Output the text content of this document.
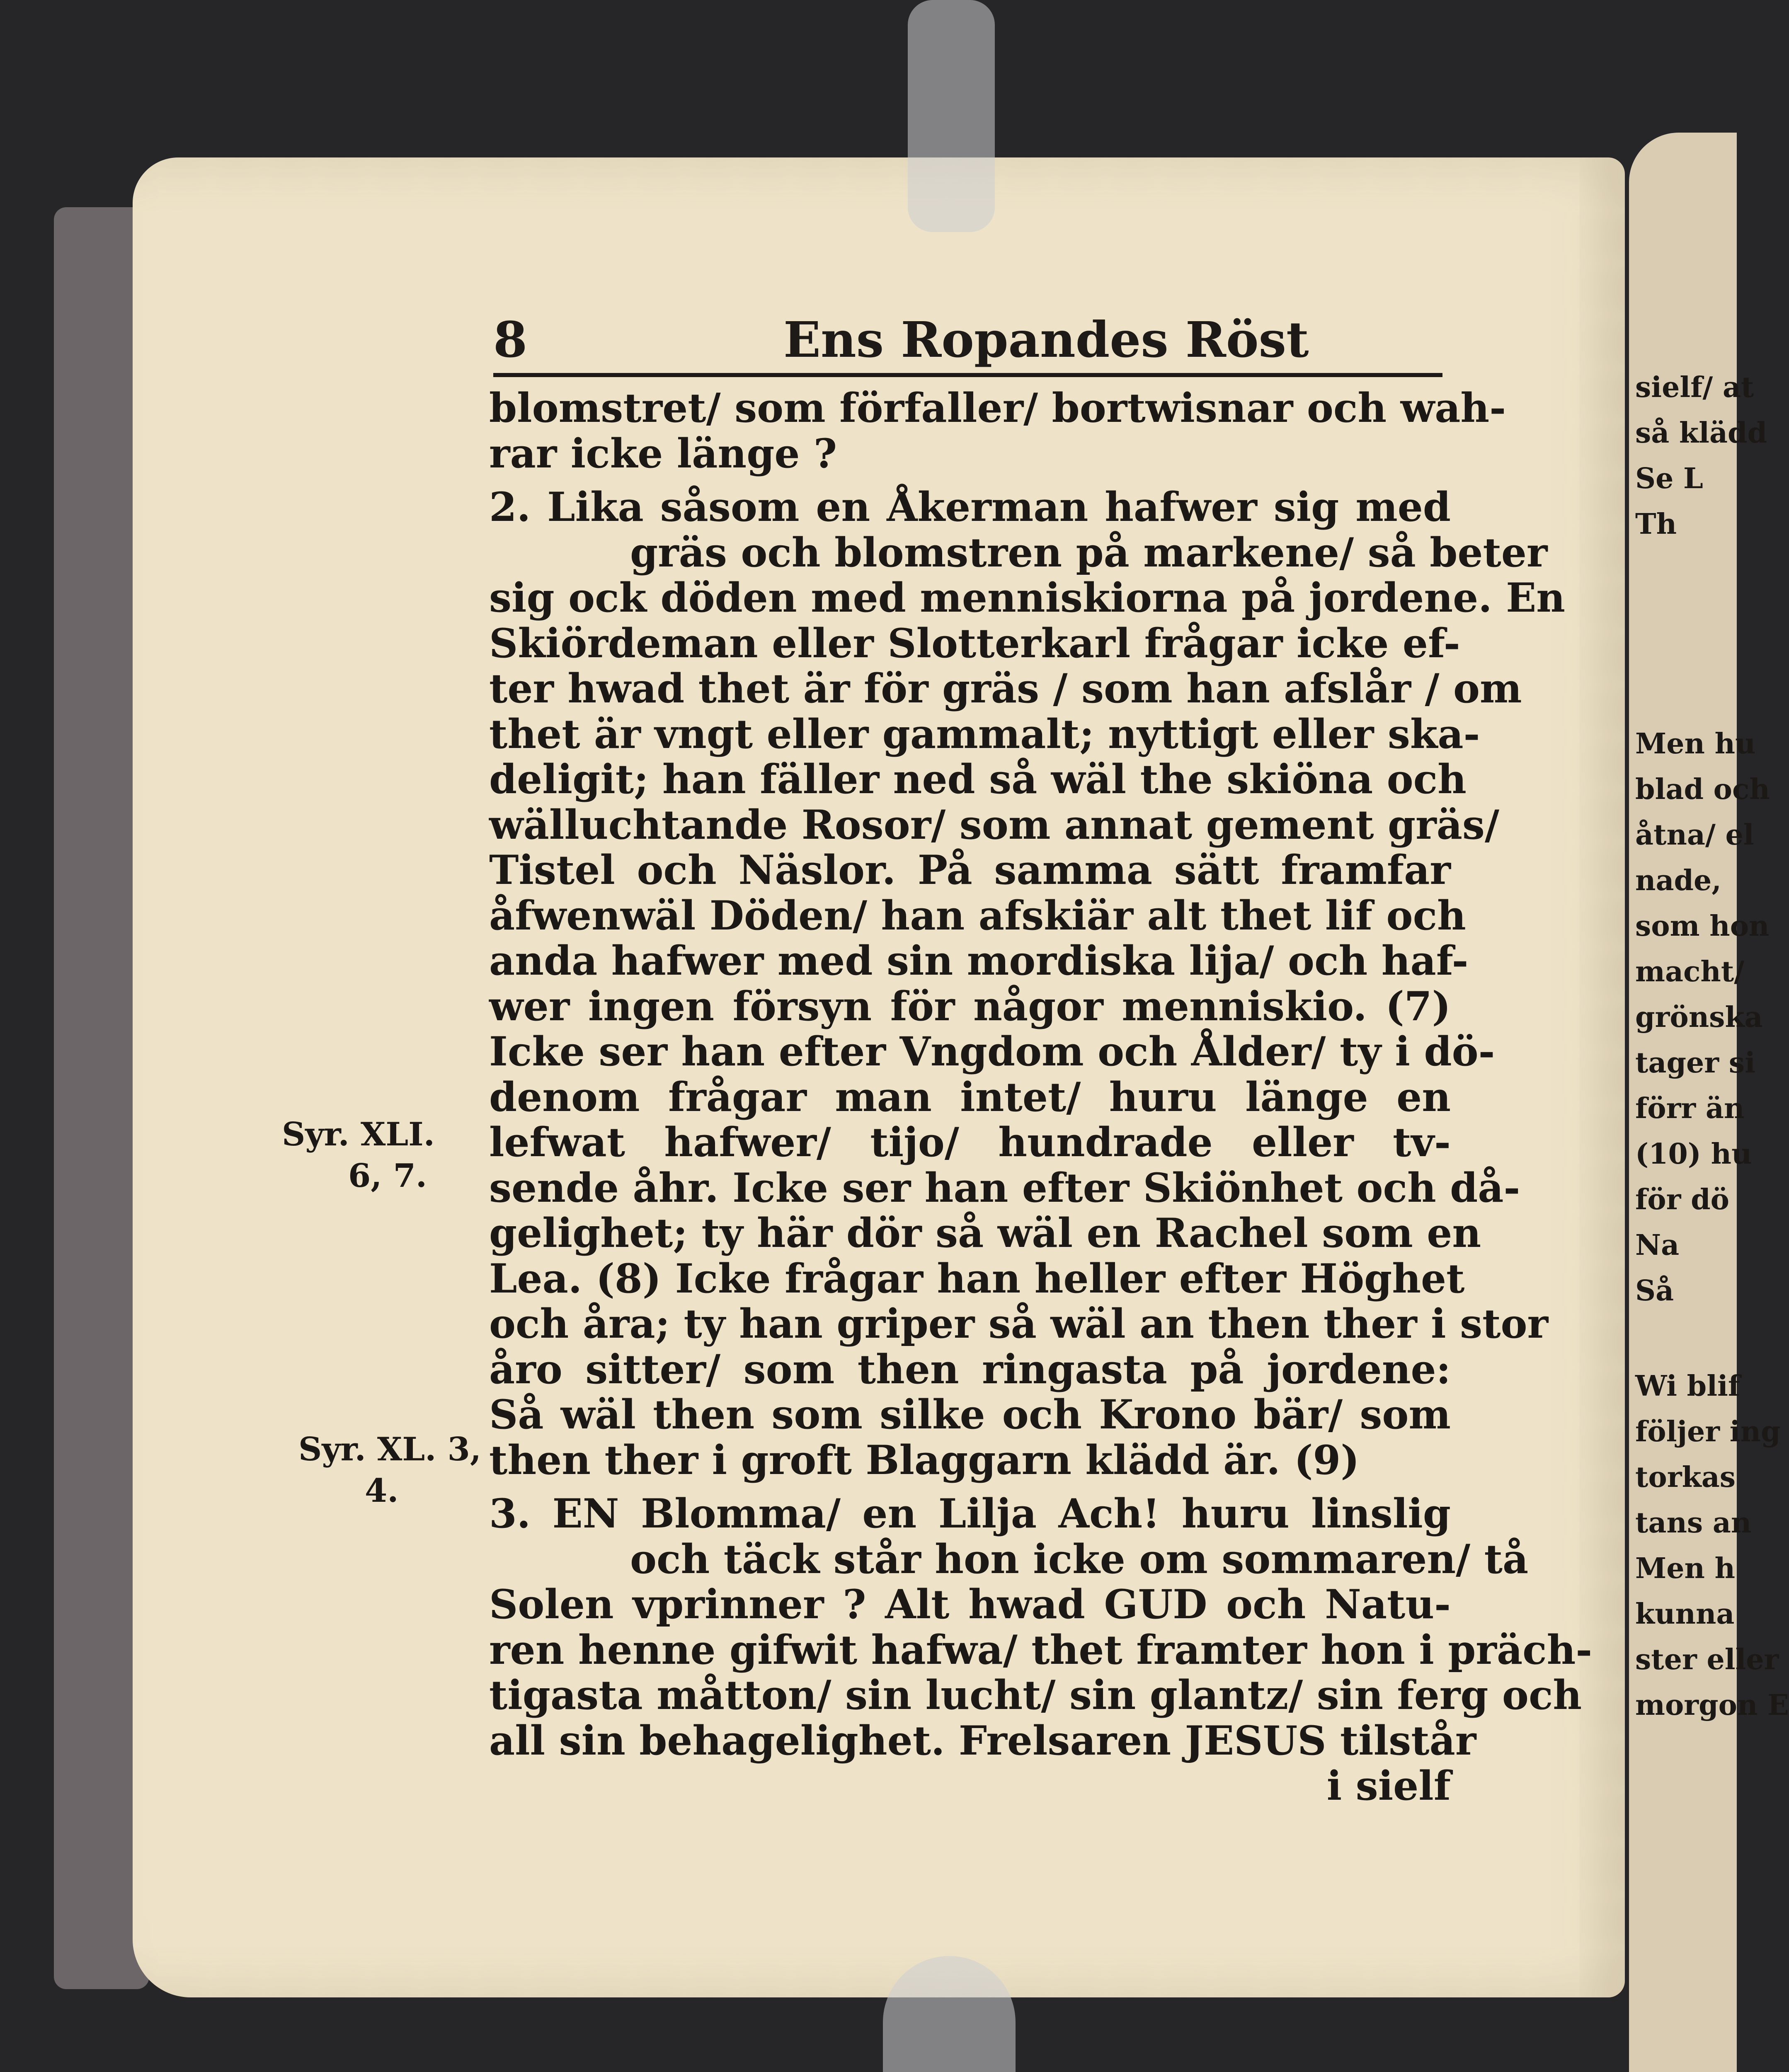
8	Ens Ropandes Röst
blomstret/ som förfaller/ bortwisnar och wah-
rar icke länge ?
2. Lika såsom en Åkerman hafwer sig med
gräs och blomstren på markene/ så beter
sig ock döden med menniskiorna på jordene. En
Skiördeman eller Slotterkarl frågar icke ef-
ter hwad thet är för gräs / som han afslår / om
thet är vngt eller gammalt; nyttigt eller ska-
deligit; han fäller ned så wäl the skiöna och
wälluchtande Rosor/ som annat gement gräs/
Tistel och Näslor. På samma sätt framfar
åfwenwäl Döden/ han afskiär alt thet lif och
anda hafwer med sin mordiska lija/ och haf-
wer ingen försyn för någor menniskio. (7)
Icke ser han efter Vngdom och Ålder/ ty i dö-
denom frågar man intet/ huru länge en
lefwat hafwer/ tijo/ hundrade eller tv-
sende åhr. Icke ser han efter Skiönhet och då-
gelighet; ty här dör så wäl en Rachel som en
Lea. (8) Icke frågar han heller efter Höghet
och åra; ty han griper så wäl an then ther i stor
åro sitter/ som then ringasta på jordene:
Så wäl then som silke och Krono bär/ som
then ther i groft Blaggarn klädd är. (9)
3. EN Blomma/ en Lilja Ach! huru linslig
och täck står hon icke om sommaren/ tå
Solen vprinner ? Alt hwad GUD och Natu-
ren henne gifwit hafwa/ thet framter hon i präch-
tigasta måtton/ sin lucht/ sin glantz/ sin ferg och
all sin behagelighet. Frelsaren JESUS tilstår
i sielf
Syr. XLI.
6, 7.
Syr. XL. 3,
4.
sielf/ at
så klädd
Se L
Th
Men hu
blad och
åtna/ el
nade,
som hon
macht/
grönska
tager si
förr än
(10) hu
för dö
Na
Så
Wi blif
följer ing
torkas
tans an
Men h
kunna
ster eller
morgon E
